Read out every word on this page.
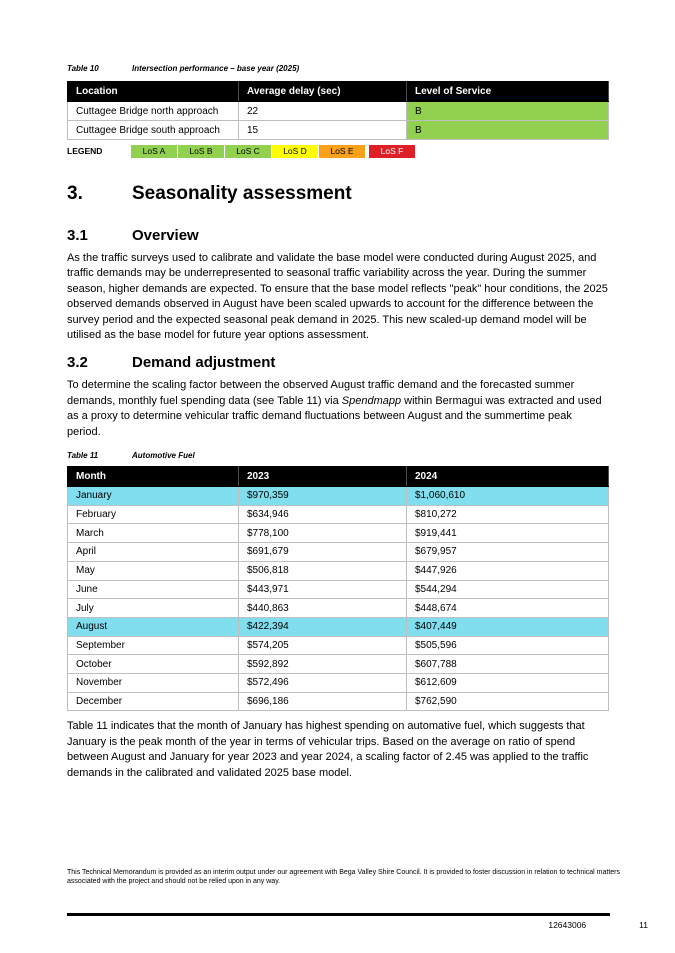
Table 10	Intersection performance – base year (2025)
Location	Average delay (sec)	Level of Service
Cuttagee Bridge north approach	22	B
Cuttagee Bridge south approach	15	B
LEGEND	LoS A	LoS B	LoS C	LoS D	LoS E	LoS F
3.	Seasonality assessment
3.1	Overview

As the traffic surveys used to calibrate and validate the base model were conducted during August 2025, and traffic demands may be underrepresented to seasonal traffic variability across the year. During the summer season, higher demands are expected. To ensure that the base model reflects "peak" hour conditions, the 2025 observed demands observed in August have been scaled upwards to account for the difference between the survey period and the expected seasonal peak demand in 2025. This new scaled-up demand model will be utilised as the base model for future year options assessment.

3.2	Demand adjustment

To determine the scaling factor between the observed August traffic demand and the forecasted summer demands, monthly fuel spending data (see Table 11) via Spendmapp within Bermagui was extracted and used as a proxy to determine vehicular traffic demand fluctuations between August and the summertime peak period.

Table 11	Automotive Fuel
Month	2023	2024
January	$970,359	$1,060,610
February	$634,946	$810,272
March	$778,100	$919,441
April	$691,679	$679,957
May	$506,818	$447,926
June	$443,971	$544,294
July	$440,863	$448,674
August	$422,394	$407,449
September	$574,205	$505,596
October	$592,892	$607,788
November	$572,496	$612,609
December	$696,186	$762,590

Table 11 indicates that the month of January has highest spending on automative fuel, which suggests that January is the peak month of the year in terms of vehicular trips. Based on the average on ratio of spend between August and January for year 2023 and year 2024, a scaling factor of 2.45 was applied to the traffic demands in the calibrated and validated 2025 base model.

This Technical Memorandum is provided as an interim output under our agreement with Bega Valley Shire Council. It is provided to foster discussion in relation to technical matters associated with the project and should not be relied upon in any way.
12643006	11
